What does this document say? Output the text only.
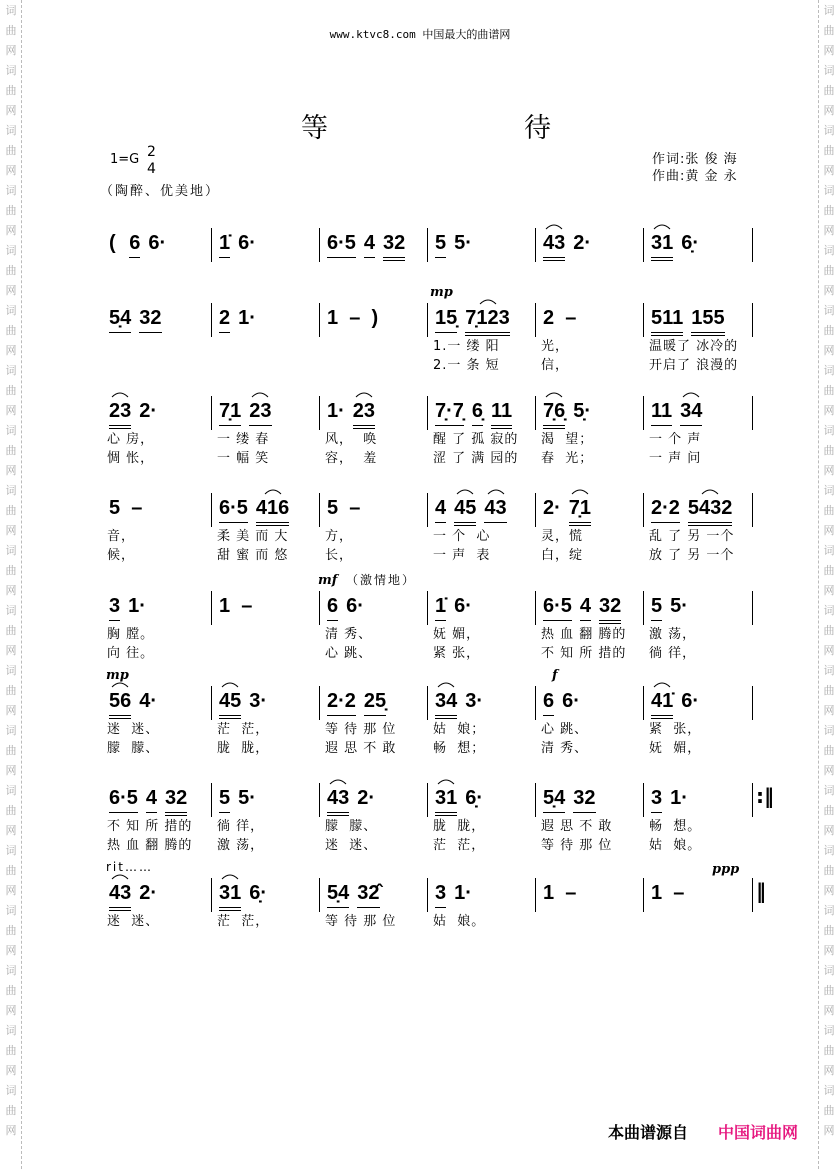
词
曲
网
词
曲
网
词
曲
网
词
曲
网
词
曲
网
词
曲
网
词
曲
网
词
曲
网
词
曲
网
词
曲
网
词
曲
网
词
曲
网
词
曲
网
词
曲
网
词
曲
网
词
曲
网
词
曲
网
词
曲
网
词
曲
网
词
曲
网
词
曲
网
词
曲
网
词
曲
网
词
曲
网
词
曲
网
词
曲
网
词
曲
网
词
曲
网
词
曲
网
词
曲
网
词
曲
网
词
曲
网
词
曲
网
词
曲
网
词
曲
网
词
曲
网
词
曲
网
词
曲
网
www.ktvc8.com 中国最大的曲谱网
等	待
1=G 2
4
作词:张 俊 海
作曲:黄 金 永
（陶醉、优美地）
( 6 6·	1̇ 6·	6·5 4 32	5 5·	43 2·	31 6̣·
5̣4 32	2 1·	1  –  )	15̣ 7̣123
1.一 缕 阳
2.一 条 短
2  –
光，
信，
511 155
温暖了 冰冷的
开启了 浪漫的
mp
23 2·
心 房，
惆 怅，
7̣1 23
一 缕 春
一 幅 笑
1· 23
风，  唤
容，  羞
7̣·7̣ 6̣ 11
醒 了 孤 寂的
涩 了 满 园的
7̣6̣ 5̣·
渴  望；
春  光；
11 34
一 个 声
一 声 问
5  –
音，
候，
6·5 416
柔 美 而 大
甜 蜜 而 悠
5  –
方，
长，
4 45 43
一 个  心
一 声  表
2· 7̣1
灵，慌
白，绽
2·2 5432
乱 了 另 一个
放 了 另 一个
3 1·
胸 膛。
向 往。
1  –	6 6·
清 秀、
心 跳、
1̇ 6·
妩 媚，
紧 张，
6·5 4 32
热 血 翻 腾的
不 知 所 措的
5 5·
激 荡，
徜 徉，
mf （激情地）
56 4·
迷  迷、
朦  朦、
45 3·
茫  茫，
胧  胧，
2·2 25̣
等 待 那 位
遐 思 不 敢
34 3·
姑  娘；
畅  想；
6 6·
心 跳、
清 秀、
41̇ 6·
紧  张，
妩  媚，
mp	f
6·5 4 32
不 知 所 措的
热 血 翻 腾的
5 5·
徜 徉，
激 荡，
43 2·
朦  朦、
迷  迷、
31 6̣·
胧  胧，
茫  茫，
5̣4 32
遐 思 不 敢
等 待 那 位
3 1·
畅  想。
姑  娘。
:‖
43 2·
迷  迷、
31 6̣·
茫  茫，
5̣4 32̂
等 待 那 位
3 1·
姑  娘。
1  –	1  –	‖
ppp
rit……
本曲谱源自 中国词曲网
